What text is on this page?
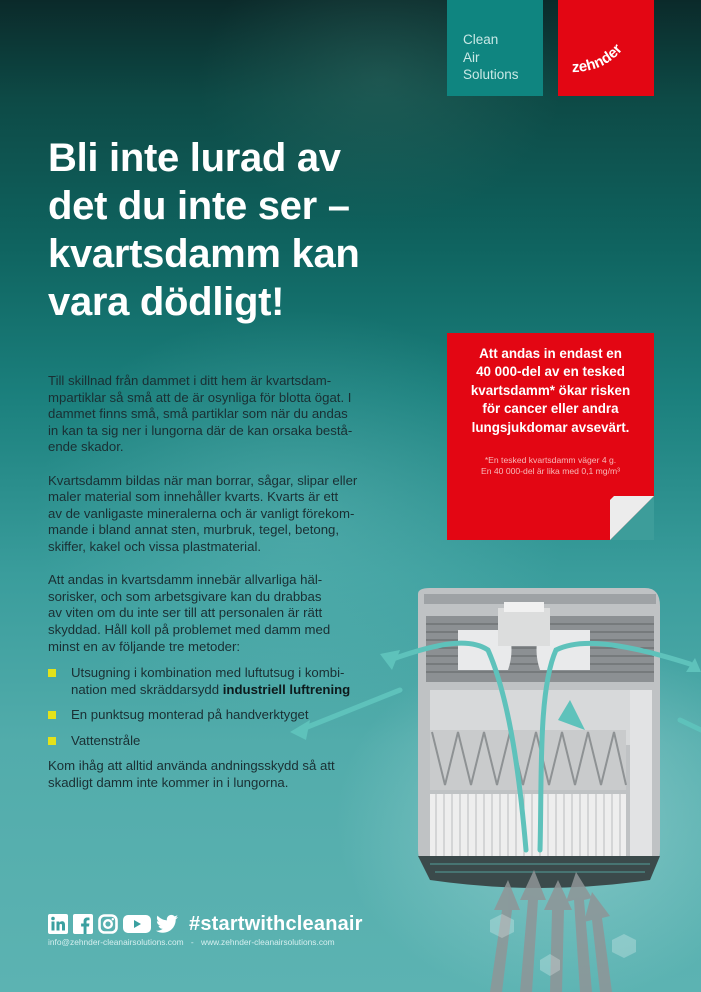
Clean
Air
Solutions	zehnder
Bli inte lurad av
det du inte ser –
kvartsdamm kan
vara dödligt!

Till skillnad från dammet i ditt hem är kvartsdam-
mpartiklar så små att de är osynliga för blotta ögat. I
dammet finns små, små partiklar som när du andas
in kan ta sig ner i lungorna där de kan orsaka bestå-
ende skador.

Kvartsdamm bildas när man borrar, sågar, slipar eller
maler material som innehåller kvarts. Kvarts är ett
av de vanligaste mineralerna och är vanligt förekom-
mande i bland annat sten, murbruk, tegel, betong,
skiffer, kakel och vissa plastmaterial.

Att andas in kvartsdamm innebär allvarliga häl-
sorisker, och som arbetsgivare kan du drabbas
av viten om du inte ser till att personalen är rätt
skyddad. Håll koll på problemet med damm med
minst en av följande tre metoder:

Utsugning i kombination med luftutsug i kombi-
nation med skräddarsydd industriell luftrening
En punktsug monterad på handverktyget
Vattenstråle

Kom ihåg att alltid använda andningsskydd så att
skadligt damm inte kommer in i lungorna.

Att andas in endast en
40 000-del av en tesked
kvartsdamm* ökar risken
för cancer eller andra
lungsjukdomar avsevärt.
*En tesked kvartsdamm väger 4 g.
En 40 000-del är lika med 0,1 mg/m³
#startwithcleanair
info@zehnder-cleanairsolutions.com - www.zehnder-cleanairsolutions.com
